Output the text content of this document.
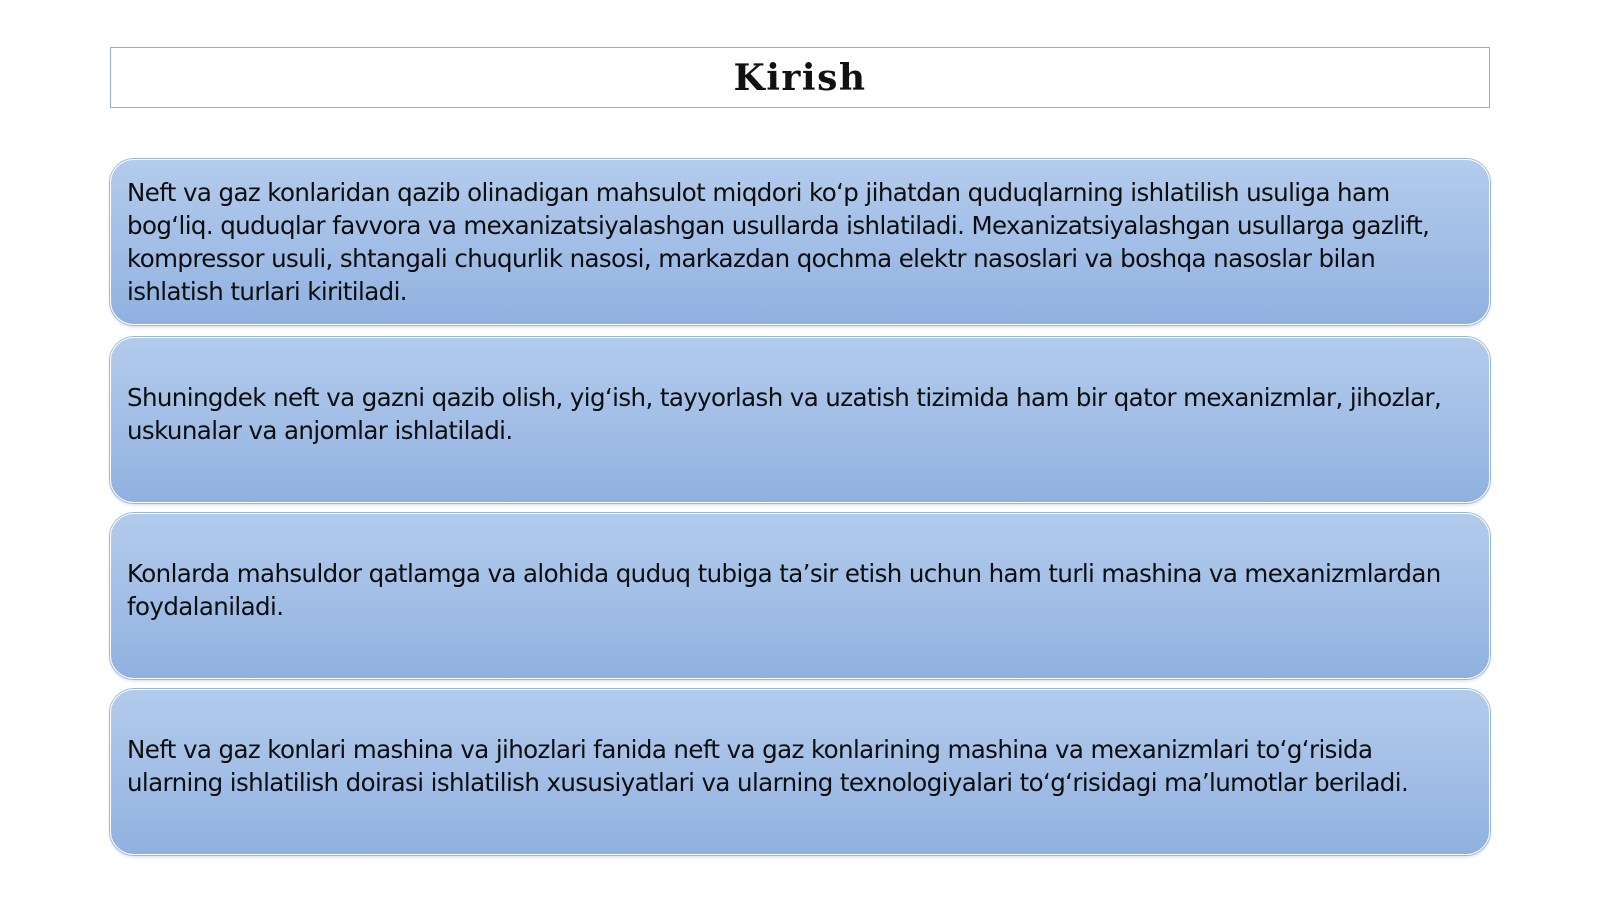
Kirish
Neft va gaz konlaridan qazib olinadigan mahsulot miqdori ko‘p jihatdan quduqlarning ishlatilish usuliga ham bog‘liq. quduqlar favvora va mexanizatsiyalashgan usullarda ishlatiladi. Mexanizatsiyalashgan usullarga gazlift, kompressor usuli, shtangali chuqurlik nasosi, markazdan qochma elektr nasoslari va boshqa nasoslar bilan ishlatish turlari kiritiladi.
Shuningdek neft va gazni qazib olish, yig‘ish, tayyorlash va uzatish tizimida ham bir qator mexanizmlar, jihozlar, uskunalar va anjomlar ishlatiladi.
Konlarda mahsuldor qatlamga va alohida quduq tubiga ta’sir etish uchun ham turli mashina va mexanizmlardan foydalaniladi.
Neft va gaz konlari mashina va jihozlari fanida neft va gaz konlarining mashina va mexanizmlari to‘g‘risida ularning ishlatilish doirasi ishlatilish xususiyatlari va ularning texnologiyalari to‘g‘risidagi ma’lumotlar beriladi.
